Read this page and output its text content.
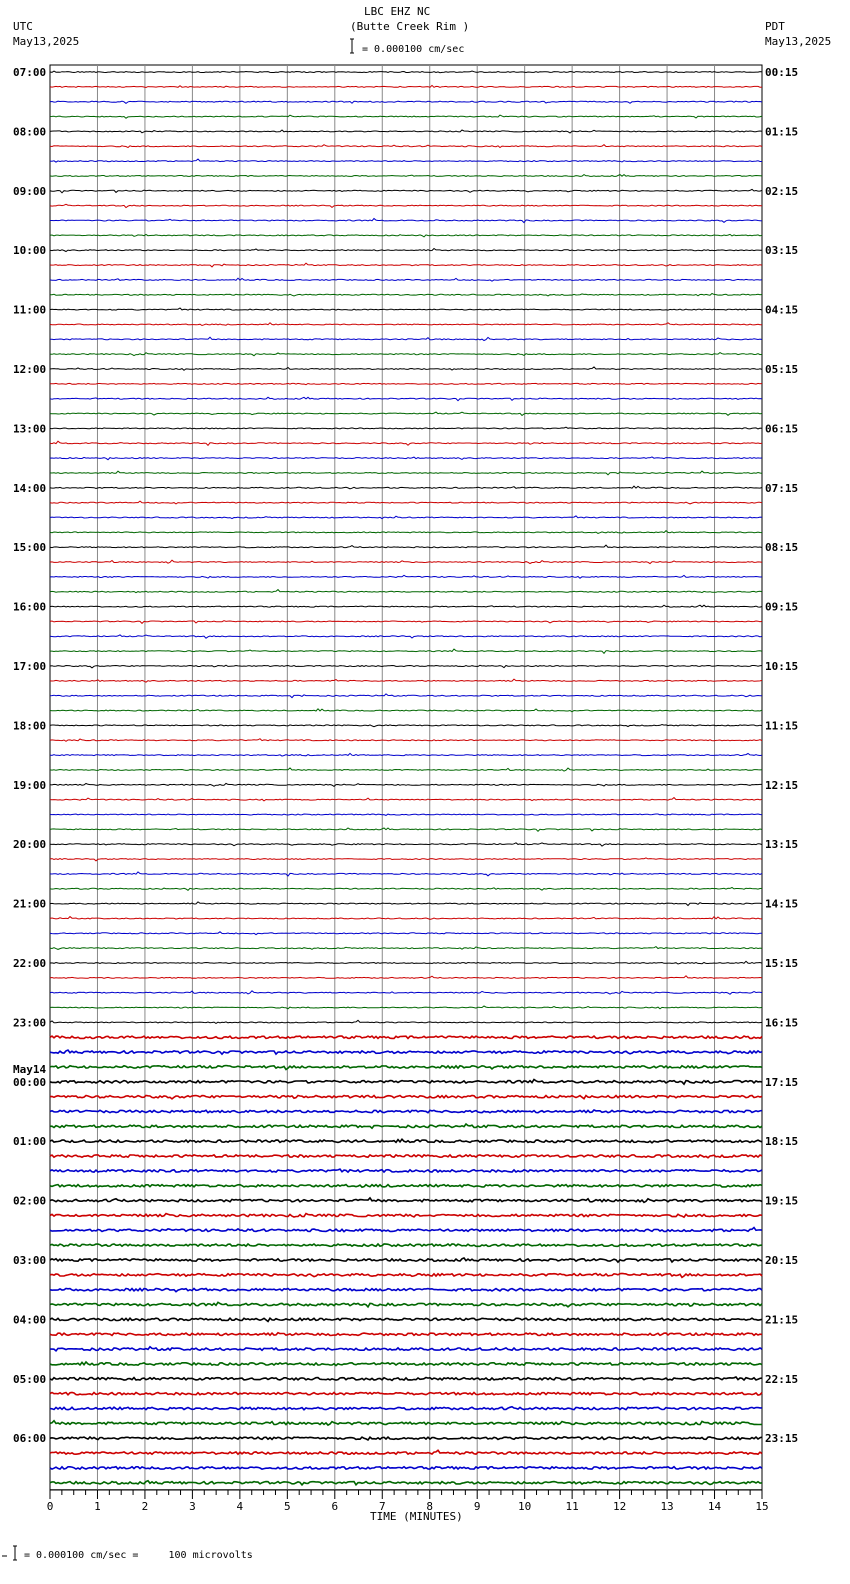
LBC EHZ NC
(Butte Creek Rim )
= 0.000100 cm/sec
UTC
May13,2025
PDT
May13,2025
TIME (MINUTES)
= 0.000100 cm/sec =     100 microvolts
0	1	2	3	4	5	6	7	8	9	10	11	12	13	14	15
07:00
08:00
09:00
10:00
11:00
12:00
13:00
14:00
15:00
16:00
17:00
18:00
19:00
20:00
21:00
22:00
23:00
00:00
01:00
02:00
03:00
04:00
05:00
06:00
00:15
01:15
02:15
03:15
04:15
05:15
06:15
07:15
08:15
09:15
10:15
11:15
12:15
13:15
14:15
15:15
16:15
17:15
18:15
19:15
20:15
21:15
22:15
23:15
May14
